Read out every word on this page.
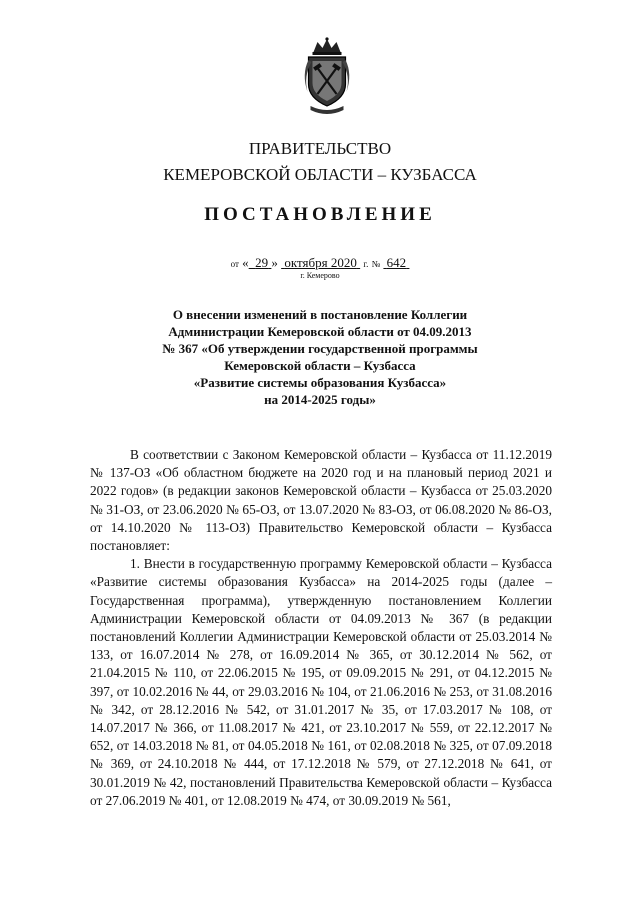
ПРАВИТЕЛЬСТВО
КЕМЕРОВСКОЙ ОБЛАСТИ – КУЗБАССА
ПОСТАНОВЛЕНИЕ
от « 29 » октября 2020 г. № 642
г. Кемерово
О внесении изменений в постановление Коллегии
Администрации Кемеровской области от 04.09.2013
№ 367 «Об утверждении государственной программы
Кемеровской области – Кузбасса
«Развитие системы образования Кузбасса»
на 2014-2025 годы»

В соответствии с Законом Кемеровской области – Кузбасса от 11.12.2019 № 137-ОЗ «Об областном бюджете на 2020 год и на плановый период 2021 и 2022 годов» (в редакции законов Кемеровской области – Кузбасса от 25.03.2020 № 31-ОЗ, от 23.06.2020 № 65-ОЗ, от 13.07.2020 № 83-ОЗ, от 06.08.2020 № 86-ОЗ, от 14.10.2020 № 113-ОЗ) Правительство Кемеровской области – Кузбасса постановляет:

1. Внести в государственную программу Кемеровской области – Кузбасса «Развитие системы образования Кузбасса» на 2014-2025 годы (далее – Государственная программа), утвержденную постановлением Коллегии Администрации Кемеровской области от 04.09.2013 № 367 (в редакции постановлений Коллегии Администрации Кемеровской области от 25.03.2014 № 133, от 16.07.2014 № 278, от 16.09.2014 № 365, от 30.12.2014 № 562, от 21.04.2015 № 110, от 22.06.2015 № 195, от 09.09.2015 № 291, от 04.12.2015 № 397, от 10.02.2016 № 44, от 29.03.2016 № 104, от 21.06.2016 № 253, от 31.08.2016 № 342, от 28.12.2016 № 542, от 31.01.2017 № 35, от 17.03.2017 № 108, от 14.07.2017 № 366, от 11.08.2017 № 421, от 23.10.2017 № 559, от 22.12.2017 № 652, от 14.03.2018 № 81, от 04.05.2018 № 161, от 02.08.2018 № 325, от 07.09.2018 № 369, от 24.10.2018 № 444, от 17.12.2018 № 579, от 27.12.2018 № 641, от 30.01.2019 № 42, постановлений Правительства Кемеровской области – Кузбасса от 27.06.2019 № 401, от 12.08.2019 № 474, от 30.09.2019 № 561,
